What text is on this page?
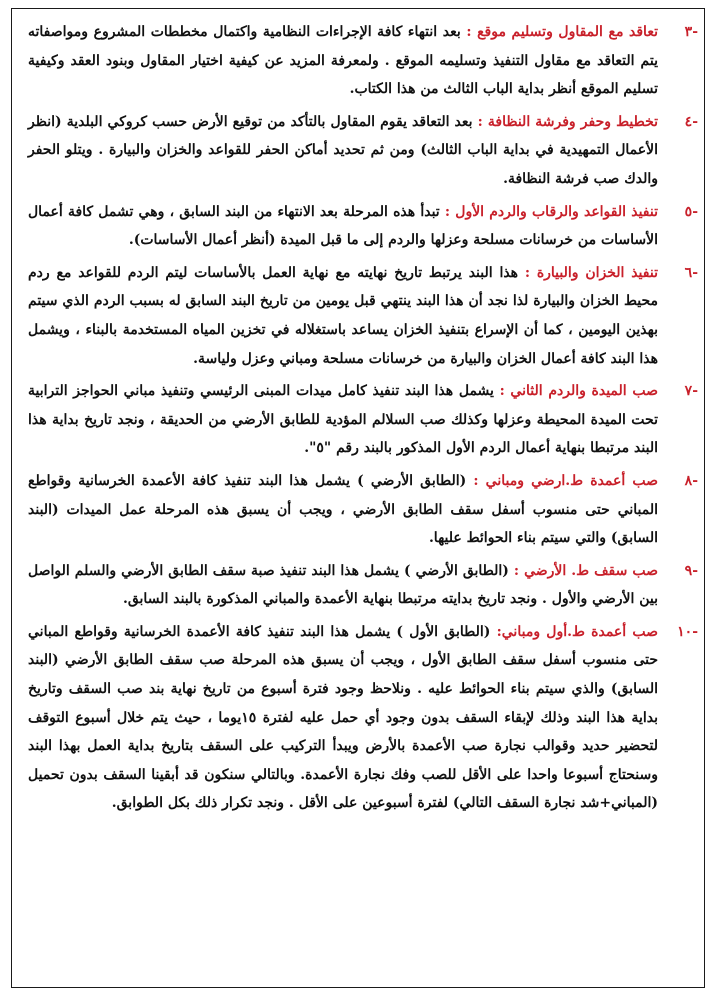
-٣
تعاقد مع المقاول وتسليم موقع : بعد انتهاء كافة الإجراءات النظامية واكتمال مخططات المشروع ومواصفاته يتم التعاقد مع مقاول التنفيذ وتسليمه الموقع . ولمعرفة المزيد عن كيفية اختيار المقاول وبنود العقد وكيفية تسليم الموقع أنظر بداية الباب الثالث من هذا الكتاب.
-٤
تخطيط وحفر وفرشة النظافة : بعد التعاقد يقوم المقاول بالتأكد من توقيع الأرض حسب كروكي البلدية (انظر الأعمال التمهيدية في بداية الباب الثالث) ومن ثم تحديد أماكن الحفر للقواعد والخزان والبيارة . ويتلو الحفر والدك صب فرشة النظافة.
-٥
تنفيذ القواعد والرقاب والردم الأول : تبدأ هذه المرحلة بعد الانتهاء من البند السابق ، وهي تشمل كافة أعمال الأساسات من خرسانات مسلحة وعزلها والردم إلى ما قبل الميدة (أنظر أعمال الأساسات).
-٦
تنفيذ الخزان والبيارة : هذا البند يرتبط تاريخ نهايته مع نهاية العمل بالأساسات ليتم الردم للقواعد مع ردم محيط الخزان والبيارة لذا نجد أن هذا البند ينتهي قبل يومين من تاريخ البند السابق له بسبب الردم الذي سيتم بهذين اليومين ، كما أن الإسراع بتنفيذ الخزان يساعد باستغلاله في تخزين المياه المستخدمة بالبناء ، ويشمل هذا البند كافة أعمال الخزان والبيارة من خرسانات مسلحة ومباني وعزل ولياسة.
-٧
صب الميدة والردم الثاني : يشمل هذا البند تنفيذ كامل ميدات المبنى الرئيسي وتنفيذ مباني الحواجز الترابية تحت الميدة المحيطة وعزلها وكذلك صب السلالم المؤدية للطابق الأرضي من الحديقة ، ونجد تاريخ بداية هذا البند مرتبطا بنهاية أعمال الردم الأول المذكور بالبند رقم "٥".
-٨
صب أعمدة ط.ارضي ومباني : (الطابق الأرضي ) يشمل هذا البند تنفيذ كافة الأعمدة الخرسانية وقواطع المباني حتى منسوب أسفل سقف الطابق الأرضي ، ويجب أن يسبق هذه المرحلة عمل الميدات (البند السابق) والتي سيتم بناء الحوائط عليها.
-٩
صب سقف ط. الأرضي : (الطابق الأرضي ) يشمل هذا البند تنفيذ صبة سقف الطابق الأرضي والسلم الواصل بين الأرضي والأول . ونجد تاريخ بدايته مرتبطا بنهاية الأعمدة والمباني المذكورة بالبند السابق.
-١٠
صب أعمدة ط.أول ومباني: (الطابق الأول ) يشمل هذا البند تنفيذ كافة الأعمدة الخرسانية وقواطع المباني حتى منسوب أسفل سقف الطابق الأول ، ويجب أن يسبق هذه المرحلة صب سقف الطابق الأرضي (البند السابق) والذي سيتم بناء الحوائط عليه . ونلاحظ وجود فترة أسبوع من تاريخ نهاية بند صب السقف وتاريخ بداية هذا البند وذلك لإبقاء السقف بدون وجود أي حمل عليه لفترة ١٥يوما ، حيث يتم خلال أسبوع التوقف لتحضير حديد وقوالب نجارة صب الأعمدة بالأرض ويبدأ التركيب على السقف بتاريخ بداية العمل بهذا البند وسنحتاج أسبوعا واحدا على الأقل للصب وفك نجارة الأعمدة. وبالتالي سنكون قد أبقينا السقف بدون تحميل (المباني+شد نجارة السقف التالي) لفترة أسبوعين على الأقل . ونجد تكرار ذلك بكل الطوابق.
